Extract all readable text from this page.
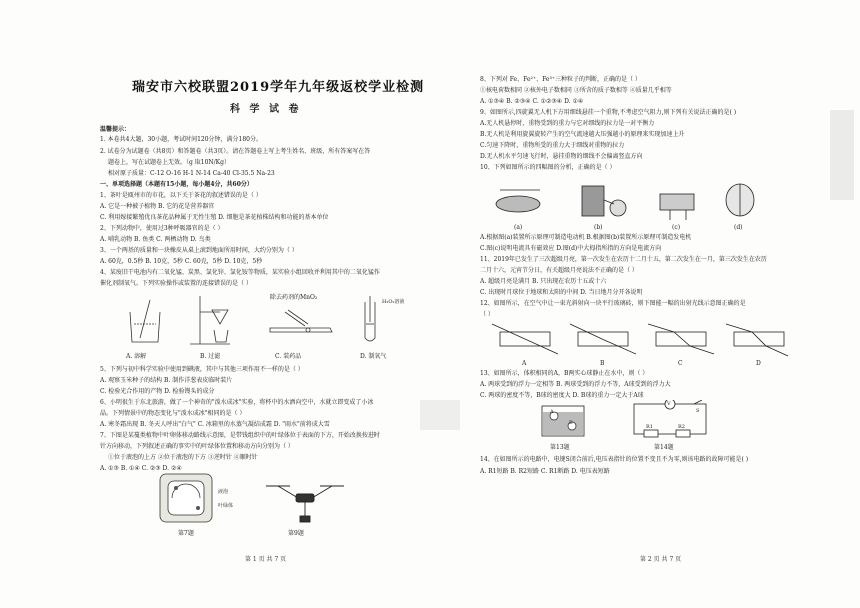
瑞安市六校联盟2019学年九年级返校学业检测
科 学 试 卷
温馨提示：
1. 本卷共4大题，30小题，考试时间120分钟，满分180分。
2. 试卷分为试题卷（共8页）和答题卷（共3页）。请在答题卷上写上考生姓名、班级，所有答案写在答
题卷上，写在试题卷上无效。（g 取10N/Kg）
相对原子质量：C-12 O-16 H-1 N-14 Ca-40 Cl-35.5 Na-23
一、单项选择题（本题有15小题，每小题4分，共60分）
1、茶叶是瓯州市的市花，以下关于茶花的叙述错误的是（ ）
A. 它是一种被子植物 B. 它的花是营养器官
C. 利用嫁接繁殖优良茶花品种属于无性生殖 D. 细胞是茶花植株结构和功能的基本单位
2、下列动物中，使用过3种呼吸器官的是（ ）
A. 哺乳动物 B. 鱼类 C. 两栖动物 D. 鸟类
3、一个两基的质量和一块橡皮从桌上滚到地面所用时间，大约分别为（ ）
A. 60克，0.5秒 B. 10克，5秒 C. 60克，5秒 D. 10克，5秒
4、某废旧干电池内有二氧化锰、炭黑、氯化锌、氯化铵等物质，某实验小组回收并利用其中的二氧化锰作
催化剂制氧气。下列实验操作或装置的连接错误的是（ ）
除去药剂的MnO₂
H₂O₂溶液
A. 溶解	B. 过滤	C. 装药品	D. 制氧气
5、下列与初中科学实验中使用到碘液，其中与其他三项作用不一样的是（ ）
A. 观察玉米种子的结构 B. 制作洋葱表皮临时装片
C. 检验光合作用的产物 D. 检验馒头的成分
6、小明很生于东北旅游，做了一个神奇的"泼水成冰"实验，将杯中的水洒向空中，水就立即变成了小冰
晶。下列情景中的物态变化与"泼水成冰"相同的是（ ）
A. 寒冬霜出现 B. 冬天人呼出"白气" C. 冰箱里的水蒸气凝结成霜 D. "雨水"前将成大雪
7、下图是某蔓类植物中叶卵体移动路线示意图，是带钱组织中的叶绿体位于表面的下方，开始改换按进时
针方向移动，下列叙述正确的事实中的叶绿体位置和移动方向分别为（ ）
①位于液泡的上方 ②位于液泡的下方 ③逆时针 ④顺时针
A. ①③ B. ①④ C. ②③ D. ②④
液泡
叶绿体
第7题	第9题
第 1 页 共 7 页
8、下列对 Fe、Fe²⁺、Fe³⁺三种粒子的判断，正确的是（ ）
①核电荷数相同 ②核外电子数相同 ③所含的质子数相等 ④质量几乎相等
A. ①③④ B. ②③④ C. ①②③④ D. ①④
9、如图所示,四旋翼无人机下方用细线悬挂一个重物,不考虑空气阻力,则下列有关说法正确的是( )
A.无人机悬停时，重物受到的重力与它对细线的拉力是一对平衡力
B.无人机是利用旋翼旋转产生的空气流速越大压强越小的原理来实现加速上升
C.匀速下降时，重物所受的重力大于细线对重物的拉力
D.无人机水平匀速飞行时，悬挂重物的细线不会偏离竖直方向
10、下列如图所示的四幅图的分析，正确的是（ ）
(a)	(b)	(c)	(d)
A.根据图(a)装置所示原理可制造电动机 B.根据图(b)装置所示原理可制造发电机
C.图(c)说明电流具有磁效应 D.图(d)中大拇指所指的方向是电流方向
11、2019年已发生了三次超级月亮，第一次发生在农历十二月十五，第二次发生在一月，第三次发生在农历
二月十六，元宵节分日，有关超级月亮说法不正确的是（ ）
A. 超级月亮是满月 B. 只出现在农历十五或十六
C. 出现时月球位于地球和太阳的中间 D. 当日地月分开各说明
12、如图所示，在空气中让一束光斜射向一块平行玻璃砖，则下图能一幅的出射光线示意图正确的是
（ ）
A	B	C	D
13、如图所示，体积相同的A，B两实心球静止在水中，则（ ）
A. 两球受到的浮力一定相等 B. 两球受到的浮力不等，A球受到的浮力大
C. 两球的密度不等，B球的密度大 D. B球的重力一定大于A球
A
B
第13题
R1	R2
S
V
第14题
14、在如图所示的电路中，电键S闭合前后,电压表指针的位置不变且不为零,则该电路的故障可能是( )
A. R1短路 B. R2短路 C. R1断路 D. 电压表短路
第 2 页 共 7 页
